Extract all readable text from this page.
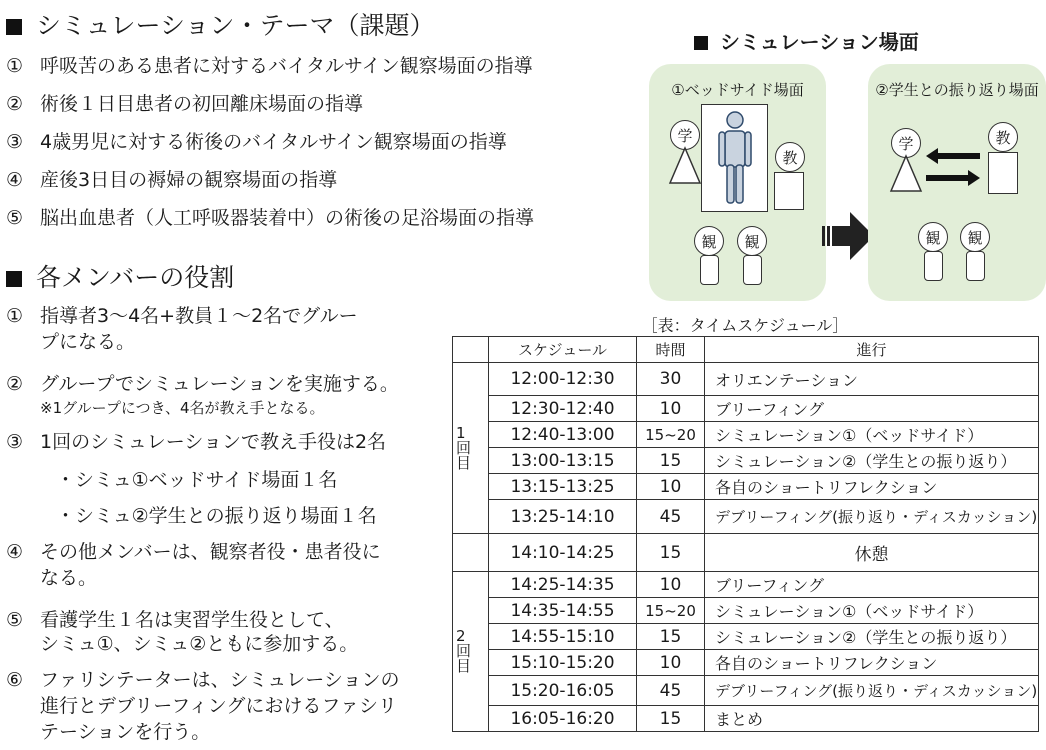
シミュレーション・テーマ（課題）
① 呼吸苦のある患者に対するバイタルサイン観察場面の指導
② 術後１日目患者の初回離床場面の指導
③ 4歳男児に対する術後のバイタルサイン観察場面の指導
④ 産後3日目の褥婦の観察場面の指導
⑤ 脳出血患者（人工呼吸器装着中）の術後の足浴場面の指導
各メンバーの役割
① 指導者3～4名+教員１～2名でグルー
プになる。
② グループでシミュレーションを実施する。
※1グループにつき、4名が教え手となる。
③ 1回のシミュレーションで教え手役は2名
・シミュ①ベッドサイド場面１名
・シミュ②学生との振り返り場面１名
④ その他メンバーは、観察者役・患者役に
なる。
⑤ 看護学生１名は実習学生役として、
シミュ①、シミュ②ともに参加する。
⑥ ファリシテーターは、シミュレーションの
進行とデブリーフィングにおけるファシリ
テーションを行う。
シミュレーション場面
①ベッドサイド場面
学
教
観	観
②学生との振り返り場面
学	教
観	観
［表：タイムスケジュール］
	スケジュール	時間	進行

1回目	12:00-12:30	30	オリエンテーション
	12:30-12:40	10	ブリーフィング
	12:40-13:00	15~20	シミュレーション①（ベッドサイド）
	13:00-13:15	15	シミュレーション②（学生との振り返り）
	13:15-13:25	10	各自のショートリフレクション
	13:25-14:10	45	デブリーフィング(振り返り・ディスカッション)
	14:10-14:25	15	休憩

2回目	14:25-14:35	10	ブリーフィング
	14:35-14:55	15~20	シミュレーション①（ベッドサイド）
	14:55-15:10	15	シミュレーション②（学生との振り返り）
	15:10-15:20	10	各自のショートリフレクション
	15:20-16:05	45	デブリーフィング(振り返り・ディスカッション)
	16:05-16:20	15	まとめ
